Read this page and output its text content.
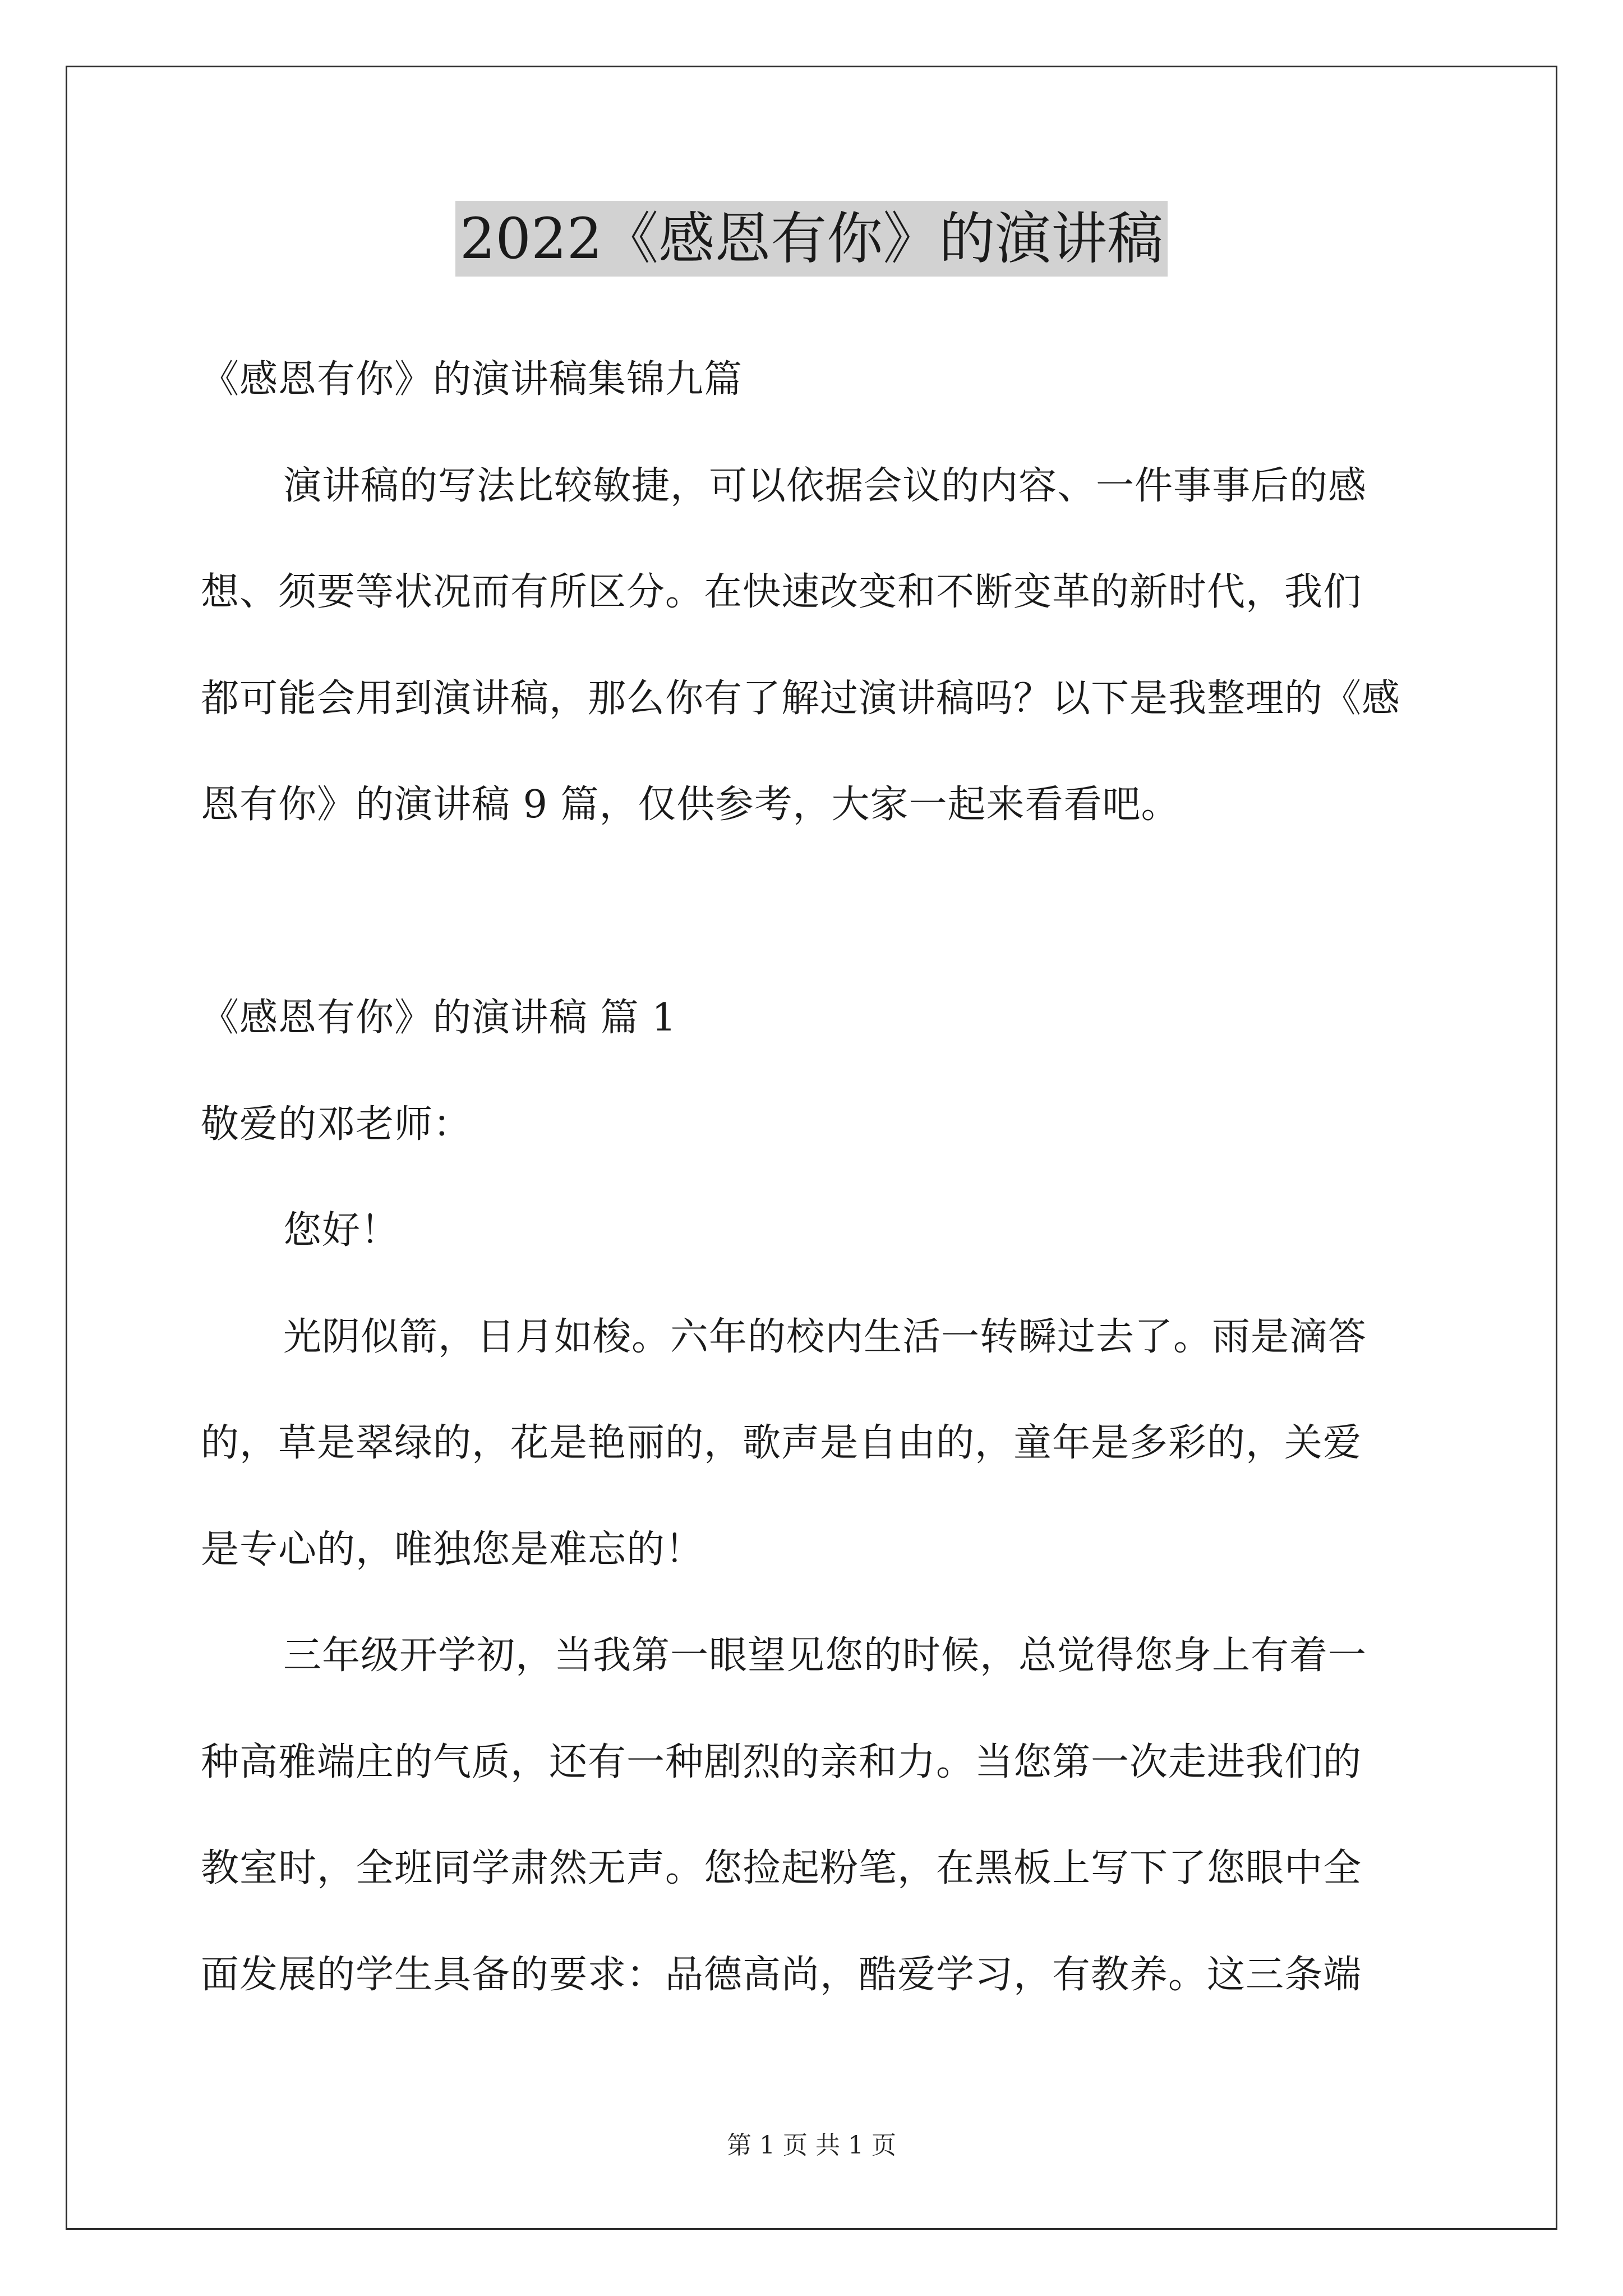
2022《感恩有你》的演讲稿
《感恩有你》的演讲稿集锦九篇
演讲稿的写法比较敏捷，可以依据会议的内容、一件事事后的感
想、须要等状况而有所区分。在快速改变和不断变革的新时代，我们
都可能会用到演讲稿，那么你有了解过演讲稿吗？以下是我整理的《感
恩有你》的演讲稿 9 篇，仅供参考，大家一起来看看吧。
《感恩有你》的演讲稿 篇 1
敬爱的邓老师：
您好！
光阴似箭，日月如梭。六年的校内生活一转瞬过去了。雨是滴答
的，草是翠绿的，花是艳丽的，歌声是自由的，童年是多彩的，关爱
是专心的，唯独您是难忘的！
三年级开学初，当我第一眼望见您的时候，总觉得您身上有着一
种高雅端庄的气质，还有一种剧烈的亲和力。当您第一次走进我们的
教室时，全班同学肃然无声。您捡起粉笔，在黑板上写下了您眼中全
面发展的学生具备的要求：品德高尚，酷爱学习，有教养。这三条端
第 1 页 共 1 页
